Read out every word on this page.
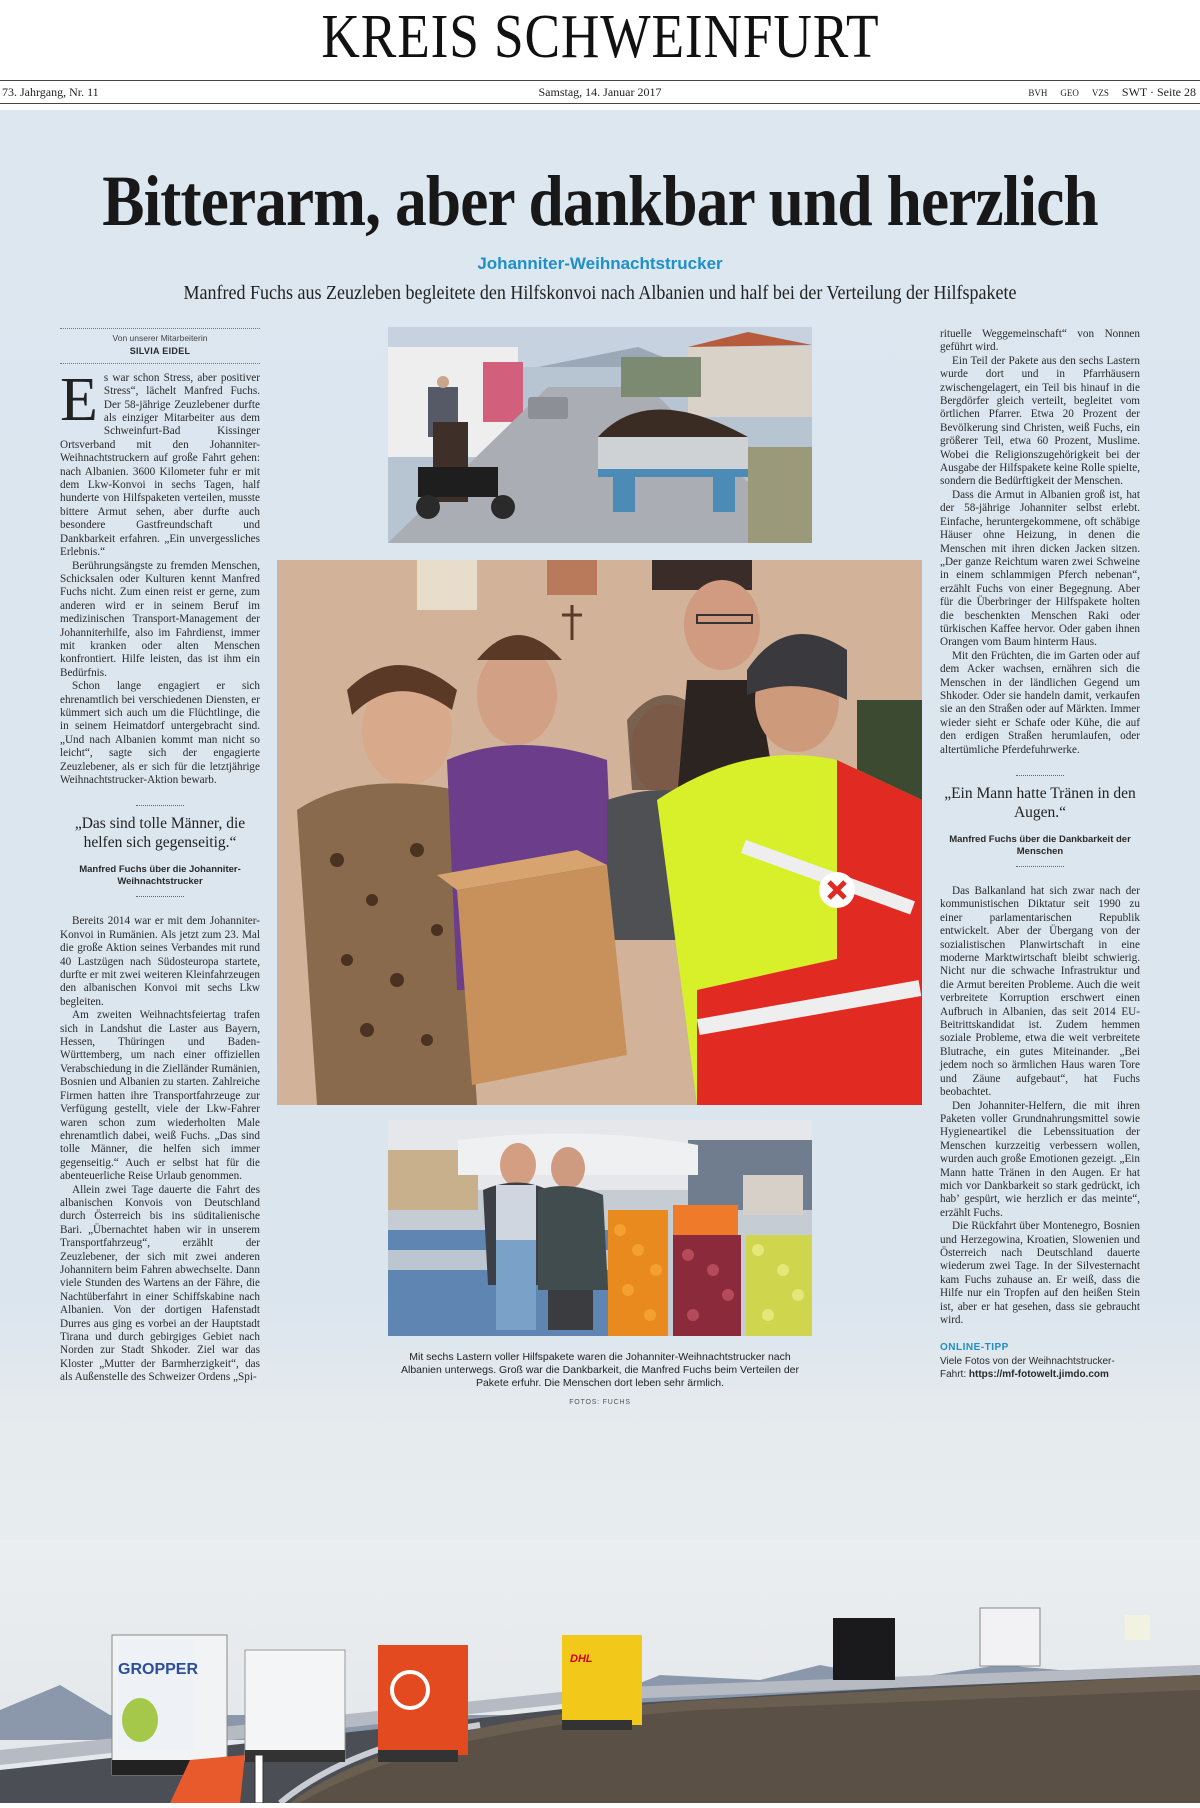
KREIS SCHWEINFURT
73. Jahrgang, Nr. 11	Samstag, 14. Januar 2017	BVH GEO VZS SWT · Seite 28
Bitterarm, aber dankbar und herzlich
Johanniter-Weihnachtstrucker
Manfred Fuchs aus Zeuzleben begleitete den Hilfskonvoi nach Albanien und half bei der Verteilung der Hilfspakete
Von unserer Mitarbeiterin
SILVIA EIDEL

Es war schon Stress, aber positiver Stress“, lächelt Manfred Fuchs. Der 58-jährige Zeuzlebener durfte als einziger Mitarbeiter aus dem Schweinfurt-Bad Kissinger Ortsverband mit den Johanniter-Weihnachtstruckern auf große Fahrt gehen: nach Albanien. 3600 Kilometer fuhr er mit dem Lkw-Konvoi in sechs Tagen, half hunderte von Hilfspaketen verteilen, musste bittere Armut sehen, aber durfte auch besondere Gastfreundschaft und Dankbarkeit erfahren. „Ein unvergessliches Erlebnis.“

Berührungsängste zu fremden Menschen, Schicksalen oder Kulturen kennt Manfred Fuchs nicht. Zum einen reist er gerne, zum anderen wird er in seinem Beruf im medizinischen Transport-Management der Johanniterhilfe, also im Fahrdienst, immer mit kranken oder alten Menschen konfrontiert. Hilfe leisten, das ist ihm ein Bedürfnis.

Schon lange engagiert er sich ehrenamtlich bei verschiedenen Diensten, er kümmert sich auch um die Flüchtlinge, die in seinem Heimatdorf untergebracht sind. „Und nach Albanien kommt man nicht so leicht“, sagte sich der engagierte Zeuzlebener, als er sich für die letztjährige Weihnachtstrucker-Aktion bewarb.

„Das sind tolle Männer, die helfen sich gegenseitig.“
Manfred Fuchs über die Johanniter-Weihnachtstrucker

Bereits 2014 war er mit dem Johanniter-Konvoi in Rumänien. Als jetzt zum 23. Mal die große Aktion seines Verbandes mit rund 40 Lastzügen nach Südosteuropa startete, durfte er mit zwei weiteren Kleinfahrzeugen den albanischen Konvoi mit sechs Lkw begleiten.

Am zweiten Weihnachtsfeiertag trafen sich in Landshut die Laster aus Bayern, Hessen, Thüringen und Baden-Württemberg, um nach einer offiziellen Verabschiedung in die Zielländer Rumänien, Bosnien und Albanien zu starten. Zahlreiche Firmen hatten ihre Transportfahrzeuge zur Verfügung gestellt, viele der Lkw-Fahrer waren schon zum wiederholten Male ehrenamtlich dabei, weiß Fuchs. „Das sind tolle Männer, die helfen sich immer gegenseitig.“ Auch er selbst hat für die abenteuerliche Reise Urlaub genommen.

Allein zwei Tage dauerte die Fahrt des albanischen Konvois von Deutschland durch Österreich bis ins süditalienische Bari. „Übernachtet haben wir in unserem Transportfahrzeug“, erzählt der Zeuzlebener, der sich mit zwei anderen Johannitern beim Fahren abwechselte. Dann viele Stunden des Wartens an der Fähre, die Nachtüberfahrt in einer Schiffskabine nach Albanien. Von der dortigen Hafenstadt Durres aus ging es vorbei an der Hauptstadt Tirana und durch gebirgiges Gebiet nach Norden zur Stadt Shkoder. Ziel war das Kloster „Mutter der Barmherzigkeit“, das als Außenstelle des Schweizer Ordens „Spi-

rituelle Weggemeinschaft“ von Nonnen geführt wird.

Ein Teil der Pakete aus den sechs Lastern wurde dort und in Pfarrhäusern zwischengelagert, ein Teil bis hinauf in die Bergdörfer gleich verteilt, begleitet vom örtlichen Pfarrer. Etwa 20 Prozent der Bevölkerung sind Christen, weiß Fuchs, ein größerer Teil, etwa 60 Prozent, Muslime. Wobei die Religionszugehörigkeit bei der Ausgabe der Hilfspakete keine Rolle spielte, sondern die Bedürftigkeit der Menschen.

Dass die Armut in Albanien groß ist, hat der 58-jährige Johanniter selbst erlebt. Einfache, heruntergekommene, oft schäbige Häuser ohne Heizung, in denen die Menschen mit ihren dicken Jacken sitzen. „Der ganze Reichtum waren zwei Schweine in einem schlammigen Pferch nebenan“, erzählt Fuchs von einer Begegnung. Aber für die Überbringer der Hilfspakete holten die beschenkten Menschen Raki oder türkischen Kaffee hervor. Oder gaben ihnen Orangen vom Baum hinterm Haus.

Mit den Früchten, die im Garten oder auf dem Acker wachsen, ernähren sich die Menschen in der ländlichen Gegend um Shkoder. Oder sie handeln damit, verkaufen sie an den Straßen oder auf Märkten. Immer wieder sieht er Schafe oder Kühe, die auf den erdigen Straßen herumlaufen, oder altertümliche Pferdefuhrwerke.

„Ein Mann hatte Tränen in den Augen.“
Manfred Fuchs über die Dankbarkeit der Menschen

Das Balkanland hat sich zwar nach der kommunistischen Diktatur seit 1990 zu einer parlamentarischen Republik entwickelt. Aber der Übergang von der sozialistischen Planwirtschaft in eine moderne Marktwirtschaft bleibt schwierig. Nicht nur die schwache Infrastruktur und die Armut bereiten Probleme. Auch die weit verbreitete Korruption erschwert einen Aufbruch in Albanien, das seit 2014 EU-Beitrittskandidat ist. Zudem hemmen soziale Probleme, etwa die weit verbreitete Blutrache, ein gutes Miteinander. „Bei jedem noch so ärmlichen Haus waren Tore und Zäune aufgebaut“, hat Fuchs beobachtet.

Den Johanniter-Helfern, die mit ihren Paketen voller Grundnahrungsmittel sowie Hygieneartikel die Lebenssituation der Menschen kurzzeitig verbessern wollen, wurden auch große Emotionen gezeigt. „Ein Mann hatte Tränen in den Augen. Er hat mich vor Dankbarkeit so stark gedrückt, ich hab’ gespürt, wie herzlich er das meinte“, erzählt Fuchs.

Die Rückfahrt über Montenegro, Bosnien und Herzegowina, Kroatien, Slowenien und Österreich nach Deutschland dauerte wiederum zwei Tage. In der Silvesternacht kam Fuchs zuhause an. Er weiß, dass die Hilfe nur ein Tropfen auf den heißen Stein ist, aber er hat gesehen, dass sie gebraucht wird.

ONLINE-TIPP
Viele Fotos von der Weihnachtstrucker-Fahrt: https://mf-fotowelt.jimdo.com
Mit sechs Lastern voller Hilfspakete waren die Johanniter-Weihnachtstrucker nach Albanien unterwegs. Groß war die Dankbarkeit, die Manfred Fuchs beim Verteilen der Pakete erfuhr. Die Menschen dort leben sehr ärmlich.
FOTOS: FUCHS
GROPPER
DHL
